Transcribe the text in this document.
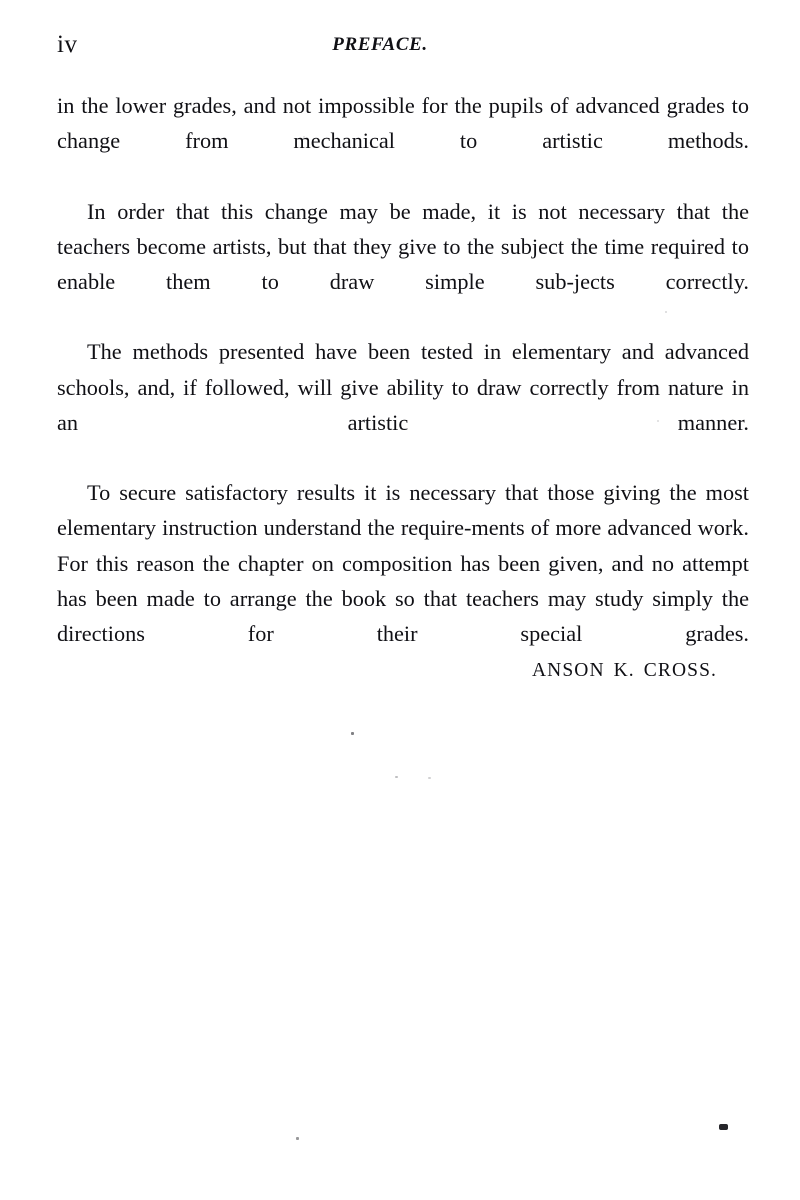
iv	PREFACE.

in the lower grades, and not impossible for the pupils of advanced grades to change from mechanical to artistic methods.

In order that this change may be made, it is not necessary that the teachers become artists, but that they give to the subject the time required to enable them to draw simple sub-jects correctly.

The methods presented have been tested in elementary and advanced schools, and, if followed, will give ability to draw correctly from nature in an artistic manner.

To secure satisfactory results it is necessary that those giving the most elementary instruction understand the require-ments of more advanced work. For this reason the chapter on composition has been given, and no attempt has been made to arrange the book so that teachers may study simply the directions for their special grades.

ANSON K. CROSS.
